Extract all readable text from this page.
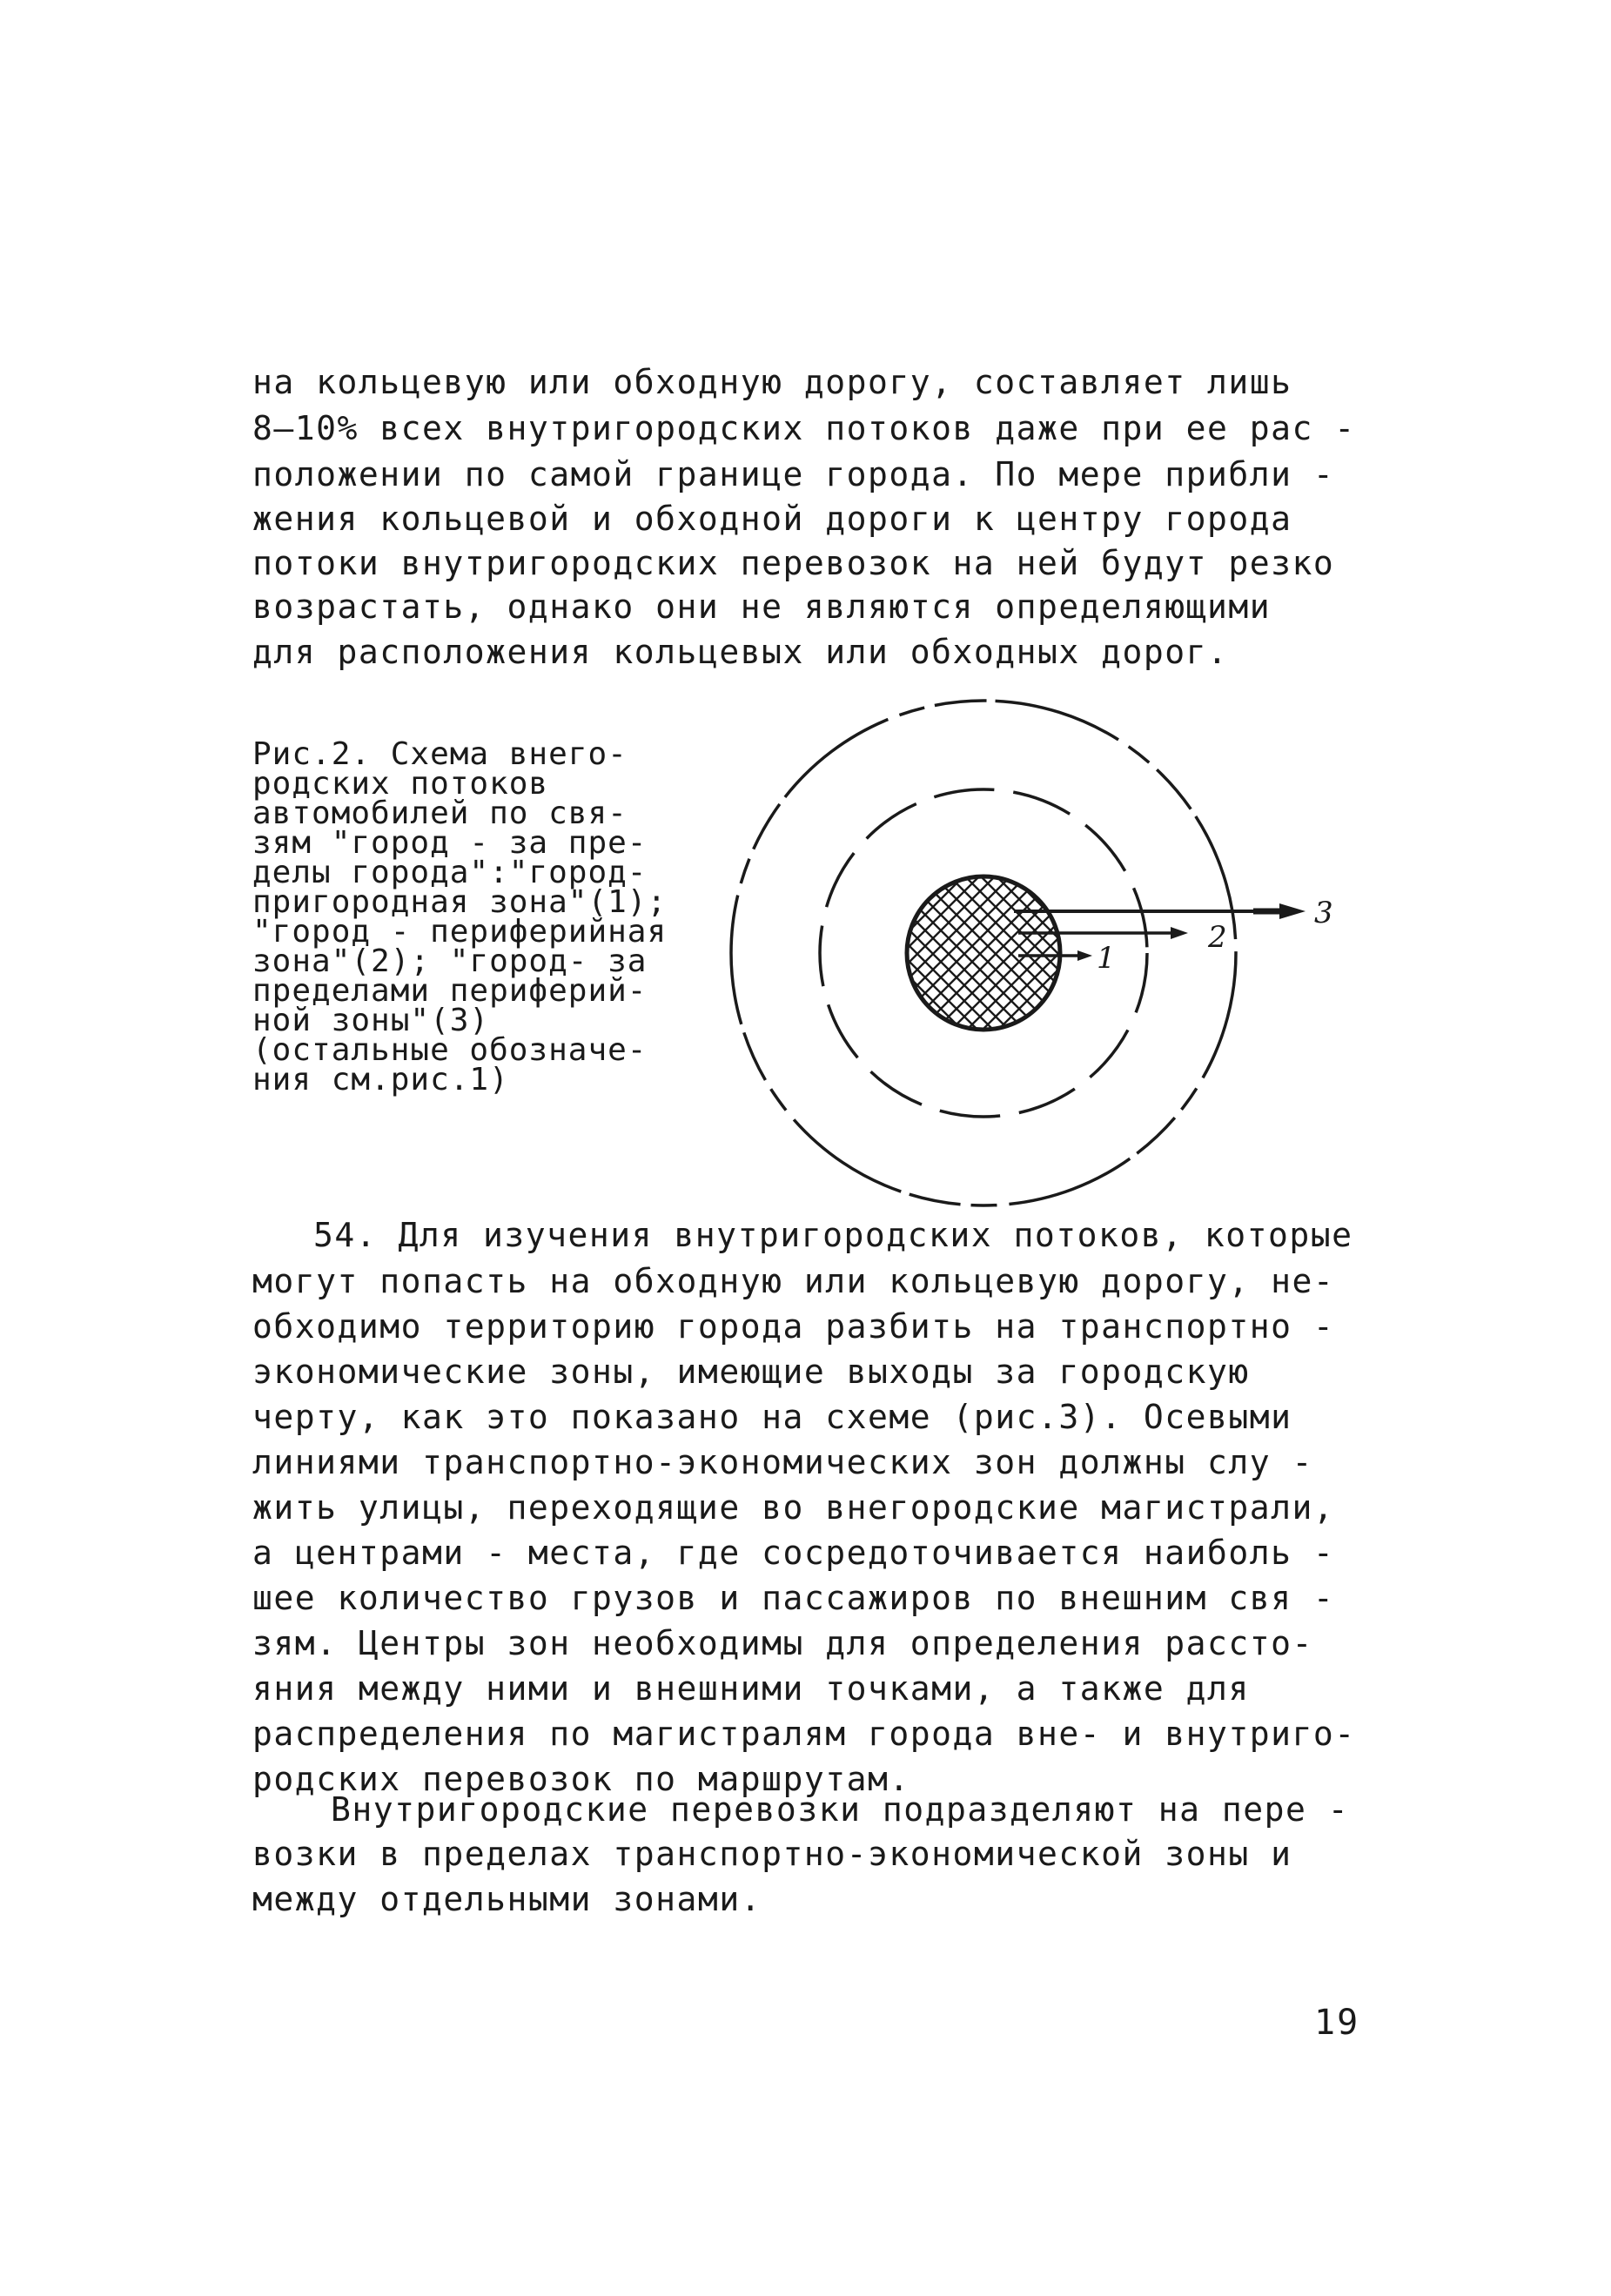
на кольцевую или обходную дорогу, составляет лишь
8–10% всех внутригородских потоков даже при ее рас -
положении по самой границе города. По мере прибли -
жения кольцевой и обходной дороги к центру города
потоки внутригородских перевозок на ней будут резко
возрастать, однако они не являются определяющими
для расположения кольцевых или обходных дорог.
Рис.2. Схема внего-
родских потоков
автомобилей по свя-
зям "город - за пре-
делы города":"город-
пригородная зона"(1);
"город - периферийная
зона"(2); "город- за
пределами периферий-
ной зоны"(3)
(остальные обозначе-
ния см.рис.1)
1
2
3
54. Для изучения внутригородских потоков, которые
могут попасть на обходную или кольцевую дорогу, не-
обходимо территорию города разбить на транспортно -
экономические зоны, имеющие выходы за городскую
черту, как это показано на схеме (рис.3). Осевыми
линиями транспортно-экономических зон должны слу -
жить улицы, переходящие во внегородские магистрали,
а центрами - места, где сосредоточивается наиболь -
шее количество грузов и пассажиров по внешним свя -
зям. Центры зон необходимы для определения рассто-
яния между ними и внешними точками, а также для
распределения по магистралям города вне- и внутриго-
родских перевозок по маршрутам.
Внутригородские перевозки подразделяют на пере -
возки в пределах транспортно-экономической зоны и
между отдельными зонами.
19
